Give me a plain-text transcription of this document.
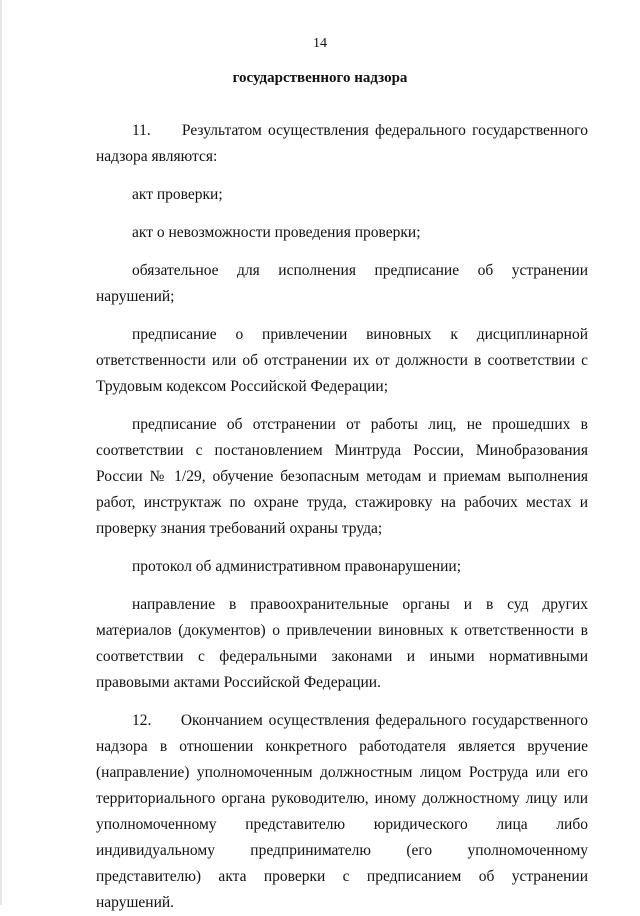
14
государственного надзора

11.     Результатом осуществления федерального государственного надзора являются:

акт проверки;

акт о невозможности проведения проверки;

обязательное для исполнения предписание об устранении нарушений;

предписание о привлечении виновных к дисциплинарной ответственности или об отстранении их от должности в соответствии с Трудовым кодексом Российской Федерации;

предписание об отстранении от работы лиц, не прошедших в соответствии с постановлением Минтруда России, Минобразования России № 1/29, обучение безопасным методам и приемам выполнения работ, инструктаж по охране труда, стажировку на рабочих местах и проверку знания требований охраны труда;

протокол об административном правонарушении;

направление в правоохранительные органы и в суд других материалов (документов) о привлечении виновных к ответственности в соответствии с федеральными законами и иными нормативными правовыми актами Российской Федерации.

12.     Окончанием осуществления федерального государственного надзора в отношении конкретного работодателя является вручение (направление) уполномоченным должностным лицом Роструда или его территориального органа руководителю, иному должностному лицу или уполномоченному представителю юридического лица либо индивидуальному предпринимателю (его уполномоченному представителю) акта проверки с предписанием об устранении нарушений.
